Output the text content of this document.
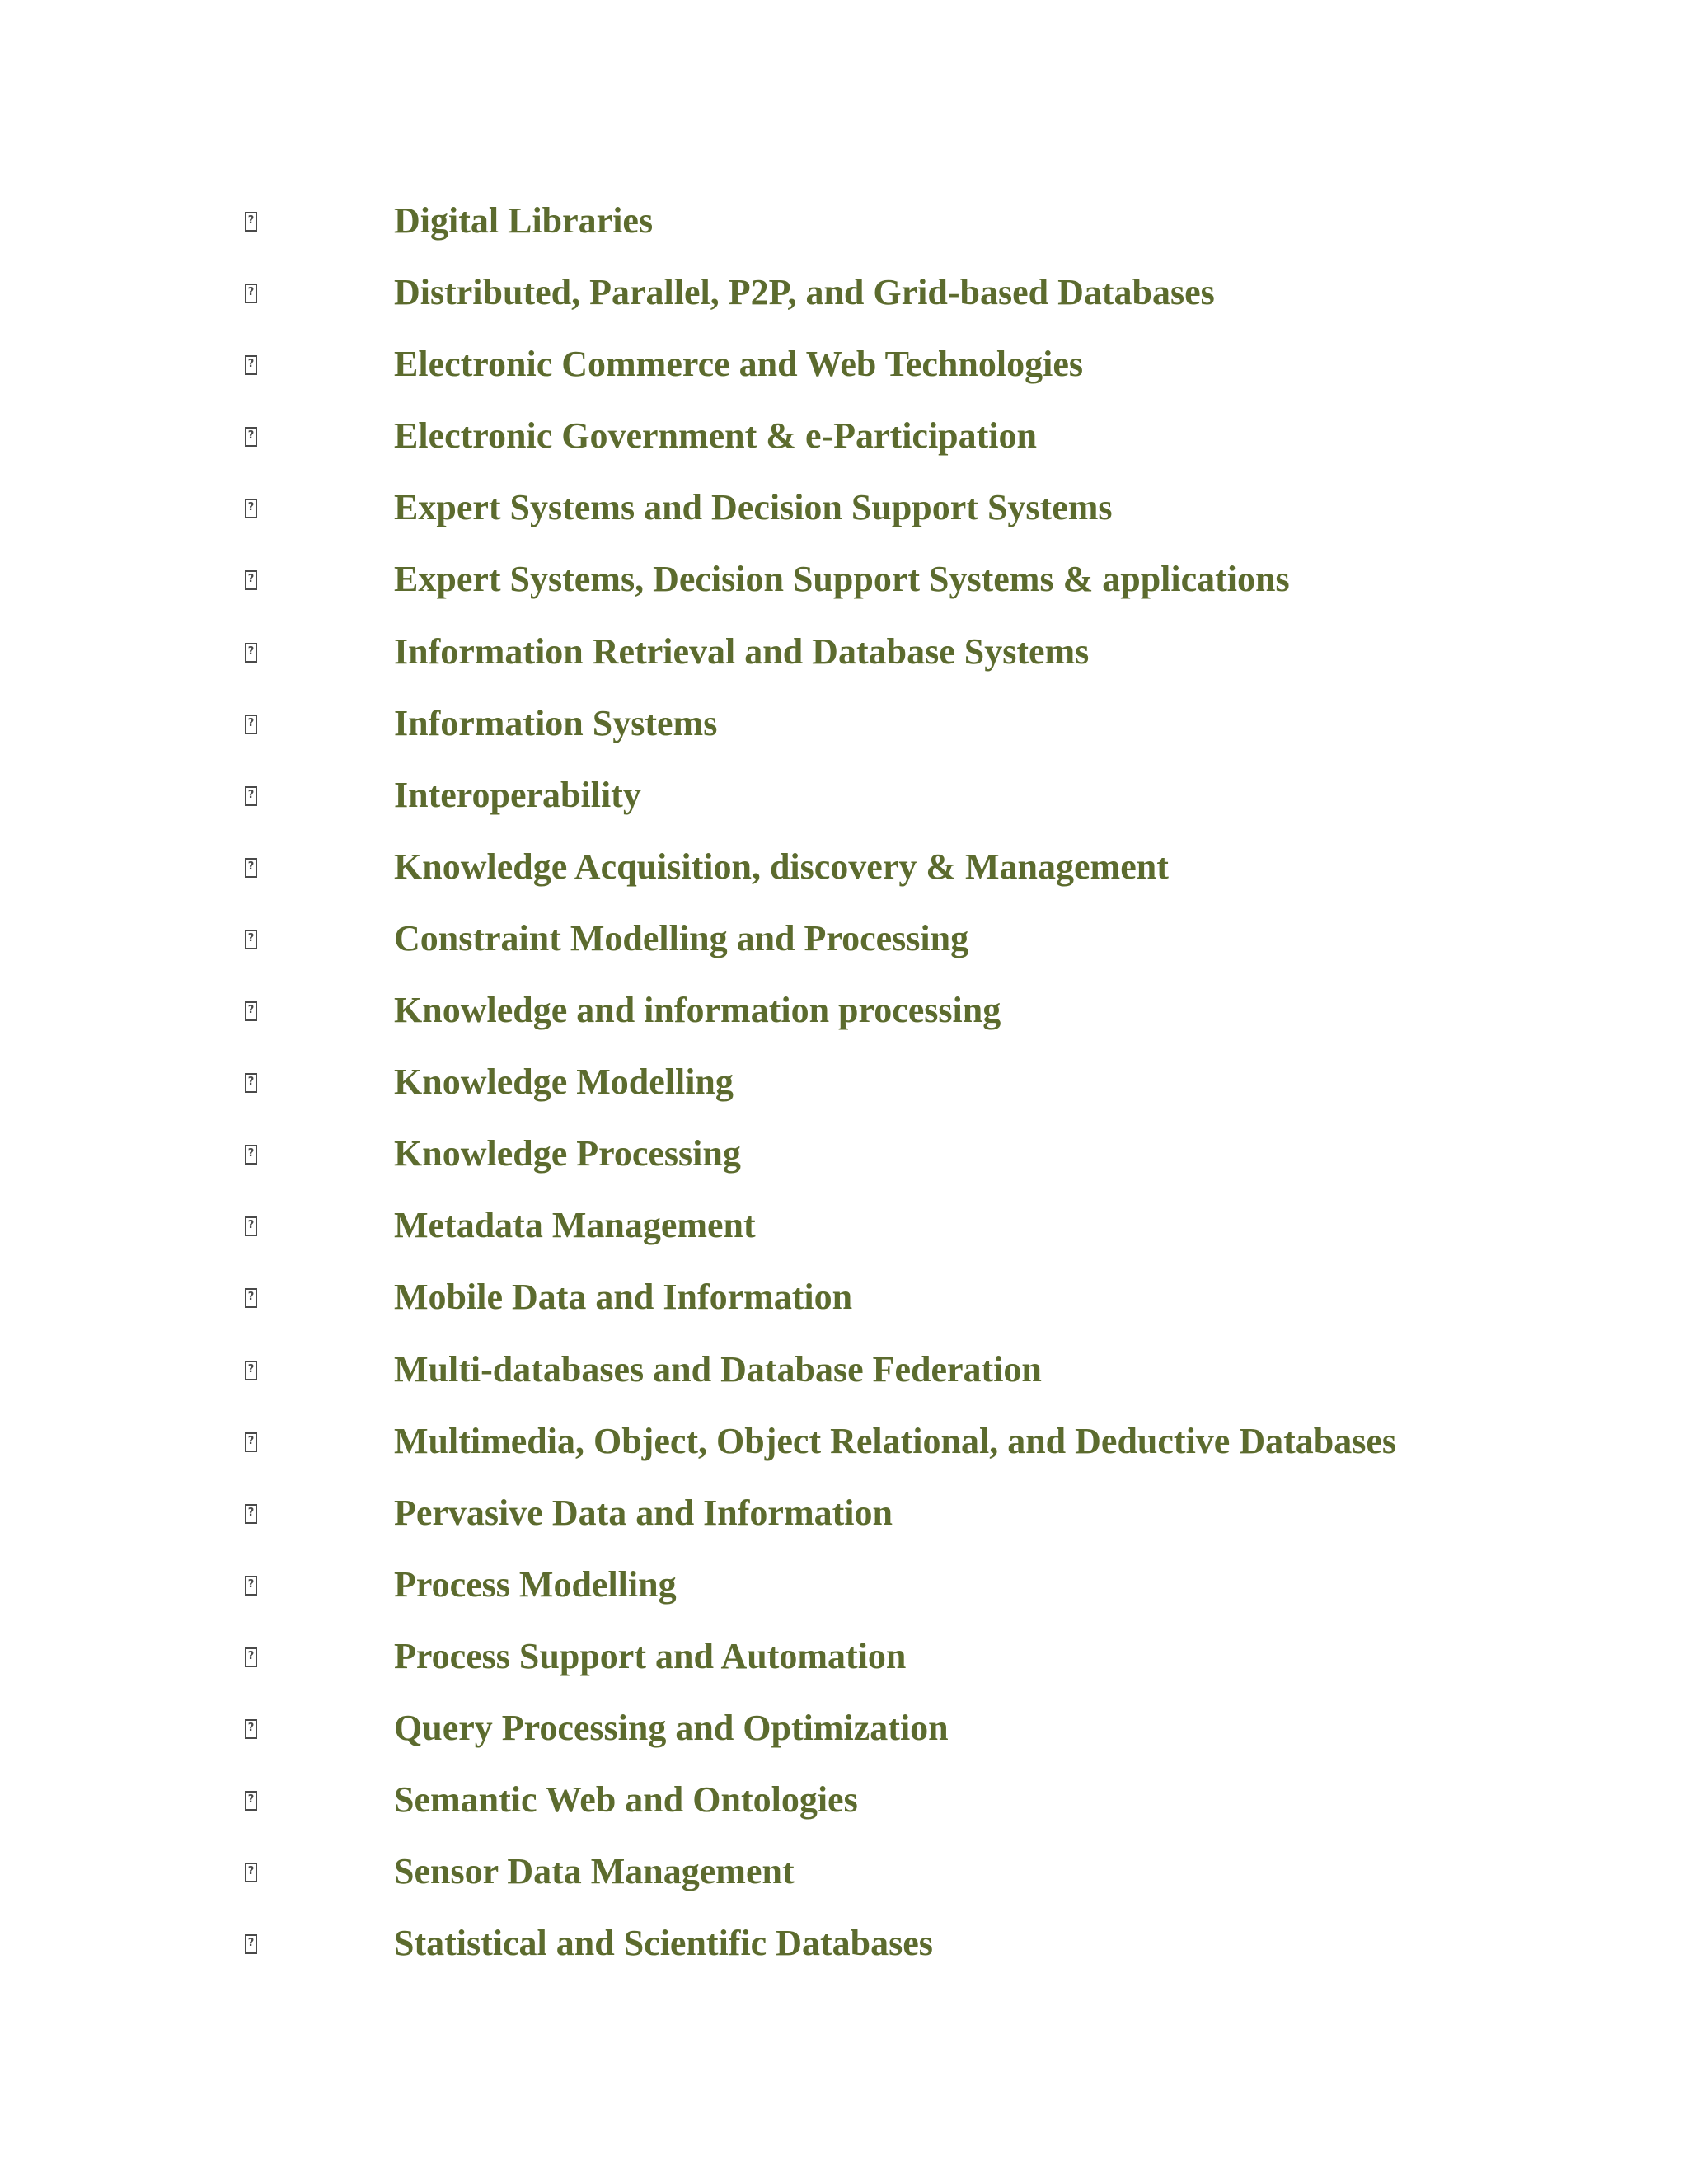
?
Digital Libraries
?
Distributed, Parallel, P2P, and Grid-based Databases
?
Electronic Commerce and Web Technologies
?
Electronic Government & e-Participation
?
Expert Systems and Decision Support Systems
?
Expert Systems, Decision Support Systems & applications
?
Information Retrieval and Database Systems
?
Information Systems
?
Interoperability
?
Knowledge Acquisition, discovery & Management
?
Constraint Modelling and Processing
?
Knowledge and information processing
?
Knowledge Modelling
?
Knowledge Processing
?
Metadata Management
?
Mobile Data and Information
?
Multi-databases and Database Federation
?
Multimedia, Object, Object Relational, and Deductive Databases
?
Pervasive Data and Information
?
Process Modelling
?
Process Support and Automation
?
Query Processing and Optimization
?
Semantic Web and Ontologies
?
Sensor Data Management
?
Statistical and Scientific Databases
